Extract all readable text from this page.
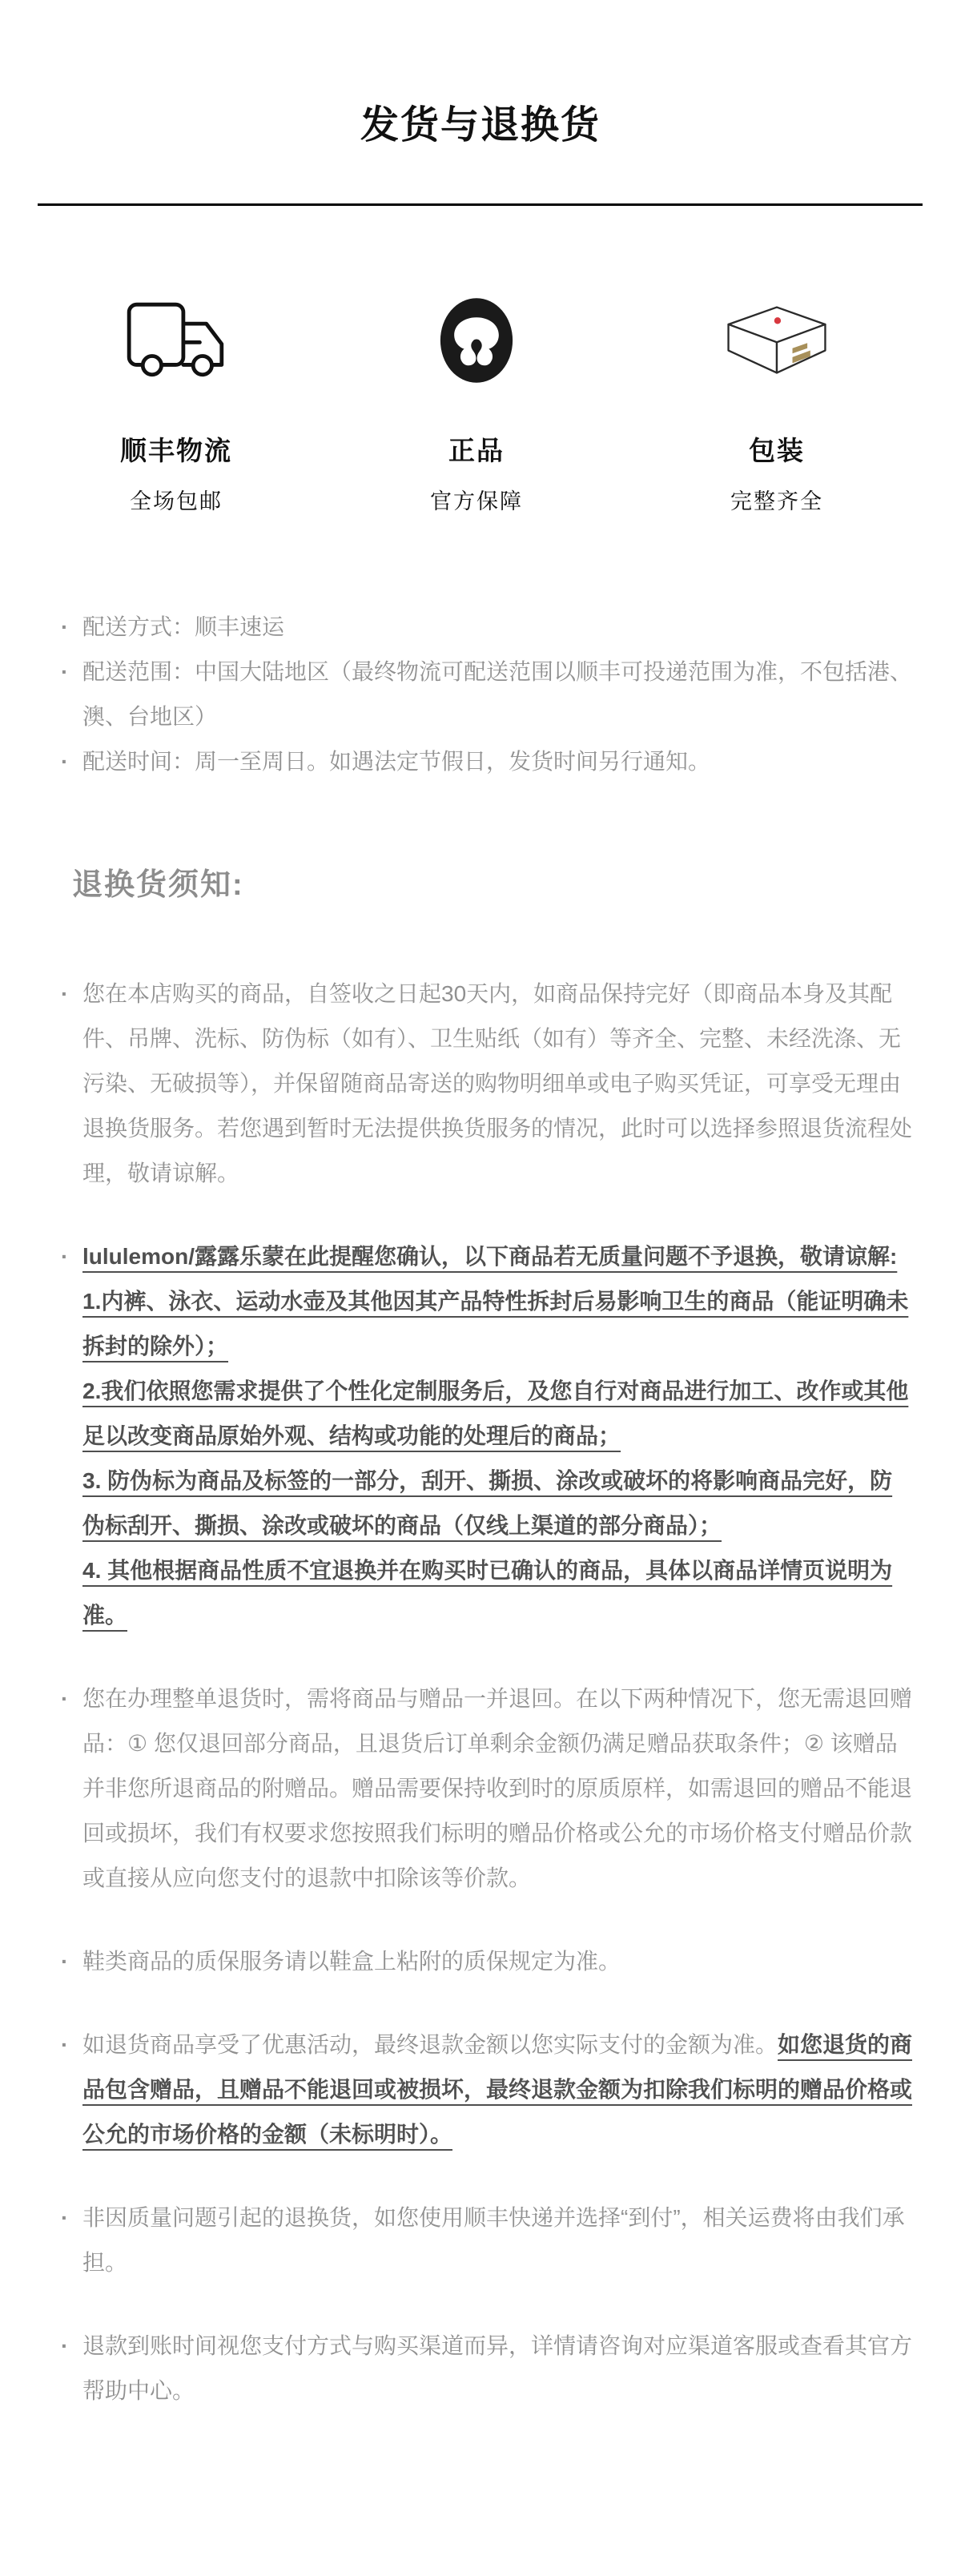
发货与退换货
顺丰物流
全场包邮
正品
官方保障
包装
完整齐全
· 配送方式：顺丰速运
· 配送范围：中国大陆地区（最终物流可配送范围以顺丰可投递范围为准，不包括港、澳、台地区）
· 配送时间：周一至周日。如遇法定节假日，发货时间另行通知。
退换货须知:
· 您在本店购买的商品，自签收之日起30天内，如商品保持完好（即商品本身及其配件、吊牌、洗标、防伪标（如有）、卫生贴纸（如有）等齐全、完整、未经洗涤、无污染、无破损等），并保留随商品寄送的购物明细单或电子购买凭证，可享受无理由退换货服务。若您遇到暂时无法提供换货服务的情况，此时可以选择参照退货流程处理，敬请谅解。
· lululemon/露露乐蒙在此提醒您确认，以下商品若无质量问题不予退换，敬请谅解:
1.内裤、泳衣、运动水壶及其他因其产品特性拆封后易影响卫生的商品（能证明确未拆封的除外）；
2.我们依照您需求提供了个性化定制服务后，及您自行对商品进行加工、改作或其他足以改变商品原始外观、结构或功能的处理后的商品；
3. 防伪标为商品及标签的一部分，刮开、撕损、涂改或破坏的将影响商品完好，防伪标刮开、撕损、涂改或破坏的商品（仅线上渠道的部分商品）；
4. 其他根据商品性质不宜退换并在购买时已确认的商品，具体以商品详情页说明为准。
· 您在办理整单退货时，需将商品与赠品一并退回。在以下两种情况下，您无需退回赠品：① 您仅退回部分商品，且退货后订单剩余金额仍满足赠品获取条件；② 该赠品并非您所退商品的附赠品。赠品需要保持收到时的原质原样，如需退回的赠品不能退回或损坏，我们有权要求您按照我们标明的赠品价格或公允的市场价格支付赠品价款或直接从应向您支付的退款中扣除该等价款。
· 鞋类商品的质保服务请以鞋盒上粘附的质保规定为准。
· 如退货商品享受了优惠活动，最终退款金额以您实际支付的金额为准。如您退货的商品包含赠品，且赠品不能退回或被损坏，最终退款金额为扣除我们标明的赠品价格或公允的市场价格的金额（未标明时）。
· 非因质量问题引起的退换货，如您使用顺丰快递并选择“到付”，相关运费将由我们承担。
· 退款到账时间视您支付方式与购买渠道而异，详情请咨询对应渠道客服或查看其官方帮助中心。
